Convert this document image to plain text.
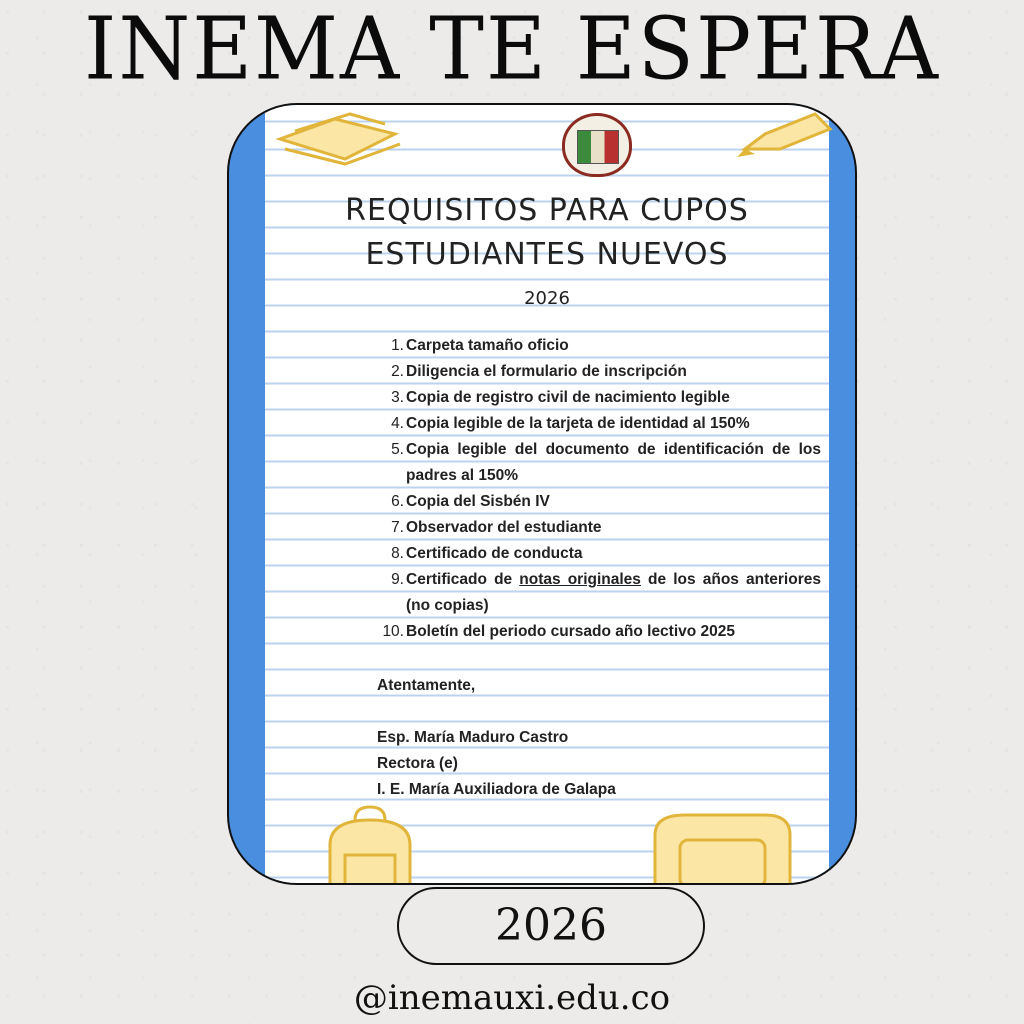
INEMA TE ESPERA
REQUISITOS PARA CUPOS
ESTUDIANTES NUEVOS
2026
1. Carpeta tamaño oficio
2. Diligencia el formulario de inscripción
3. Copia de registro civil de nacimiento legible
4. Copia legible de la tarjeta de identidad al 150%
5. Copia legible del documento de identificación de los padres al 150%
6. Copia del Sisbén IV
7. Observador del estudiante
8. Certificado de conducta
9. Certificado de notas originales de los años anteriores (no copias)
10. Boletín del periodo cursado año lectivo 2025
Atentamente,
Esp. María Maduro Castro
Rectora (e)
I. E. María Auxiliadora de Galapa
2026
@inemauxi.edu.co
